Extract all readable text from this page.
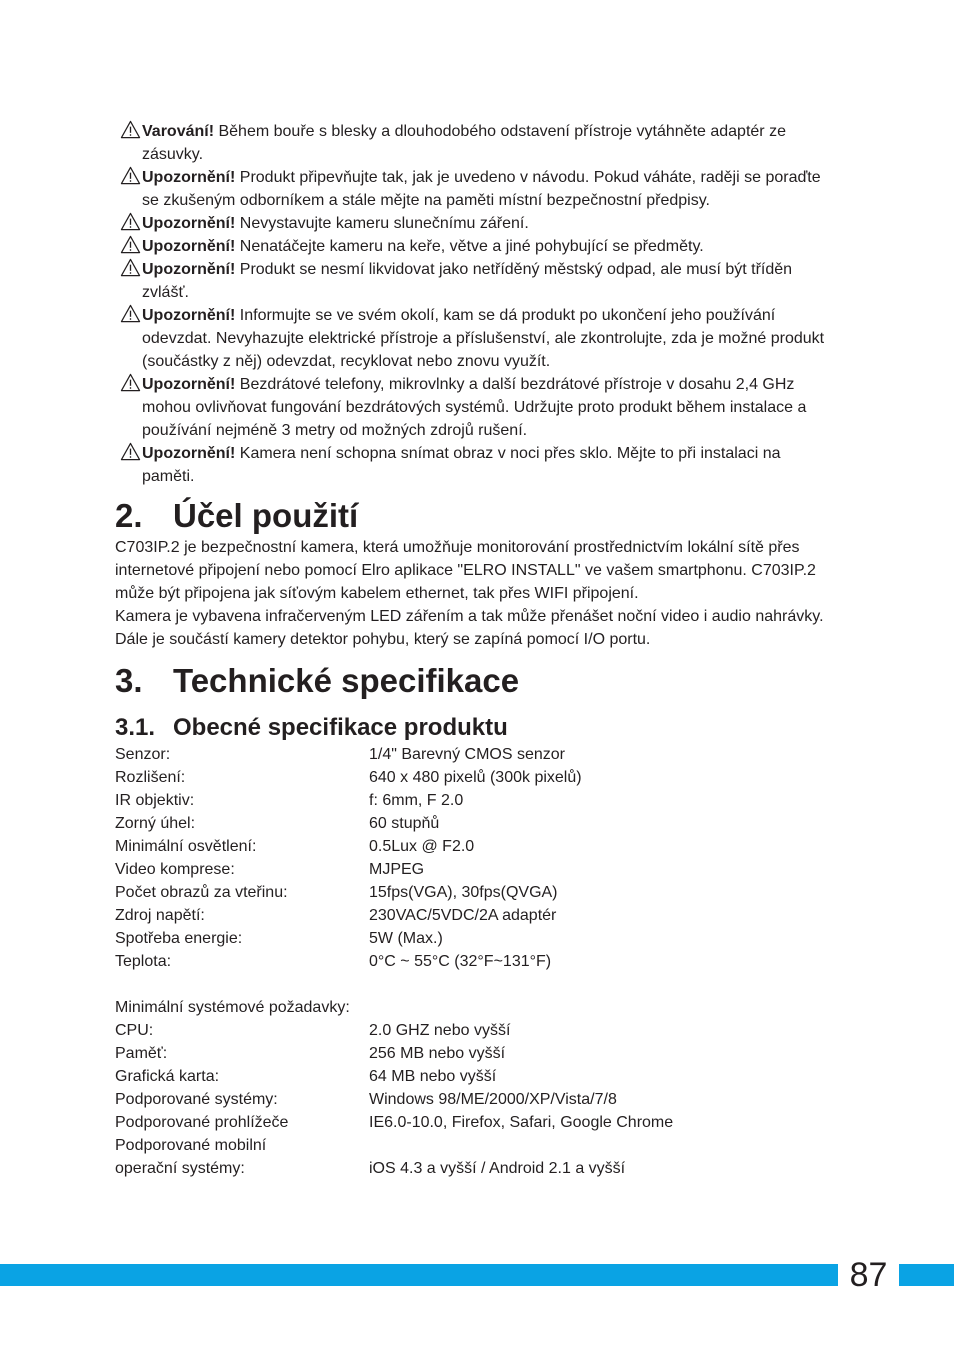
Varování! Během bouře s blesky a dlouhodobého odstavení přístroje vytáhněte adaptér ze zásuvky.

Upozornění! Produkt připevňujte tak, jak je uvedeno v návodu. Pokud váháte, raději se poraďte se zkušeným odborníkem a stále mějte na paměti místní bezpečnostní předpisy.

Upozornění! Nevystavujte kameru slunečnímu záření.

Upozornění! Nenatáčejte kameru na keře, větve a jiné pohybující se předměty.

Upozornění! Produkt se nesmí likvidovat jako netříděný městský odpad, ale musí být tříděn zvlášť.

Upozornění! Informujte se ve svém okolí, kam se dá produkt po ukončení jeho používání odevzdat. Nevyhazujte elektrické přístroje a příslušenství, ale zkontrolujte, zda je možné produkt (součástky z něj) odevzdat, recyklovat nebo znovu využít.

Upozornění! Bezdrátové telefony, mikrovlnky a další bezdrátové přístroje v dosahu 2,4 GHz mohou ovlivňovat fungování bezdrátových systémů. Udržujte proto produkt během instalace a používání nejméně 3 metry od možných zdrojů rušení.

Upozornění! Kamera není schopna snímat obraz v noci přes sklo. Mějte to při instalaci na paměti.

2. Účel použití

C703IP.2 je bezpečnostní kamera, která umožňuje monitorování prostřednictvím lokální sítě přes internetové připojení nebo pomocí Elro aplikace "ELRO INSTALL" ve vašem smartphonu. C703IP.2 může být připojena jak síťovým kabelem ethernet, tak přes WIFI připojení.

Kamera je vybavena infračerveným LED zářením a tak může přenášet noční video i audio nahrávky. Dále je součástí kamery detektor pohybu, který se zapíná pomocí I/O portu.

3. Technické specifikace
3.1. Obecné specifikace produktu
Senzor:	1/4" Barevný CMOS senzor
Rozlišení:	640 x 480 pixelů (300k pixelů)
IR objektiv:	f: 6mm, F 2.0
Zorný úhel:	60 stupňů
Minimální osvětlení:	0.5Lux @ F2.0
Video komprese:	MJPEG
Počet obrazů za vteřinu:	15fps(VGA), 30fps(QVGA)
Zdroj napětí:	230VAC/5VDC/2A adaptér
Spotřeba energie:	5W (Max.)
Teplota:	0°C ~ 55°C (32°F~131°F)

Minimální systémové požadavky:

CPU:	2.0 GHZ nebo vyšší
Paměť:	256 MB nebo vyšší
Grafická karta:	64 MB nebo vyšší
Podporované systémy:	Windows 98/ME/2000/XP/Vista/7/8
Podporované prohlížeče	IE6.0-10.0, Firefox, Safari, Google Chrome
Podporované mobilní	
operační systémy:	iOS 4.3 a vyšší / Android 2.1 a vyšší
87
